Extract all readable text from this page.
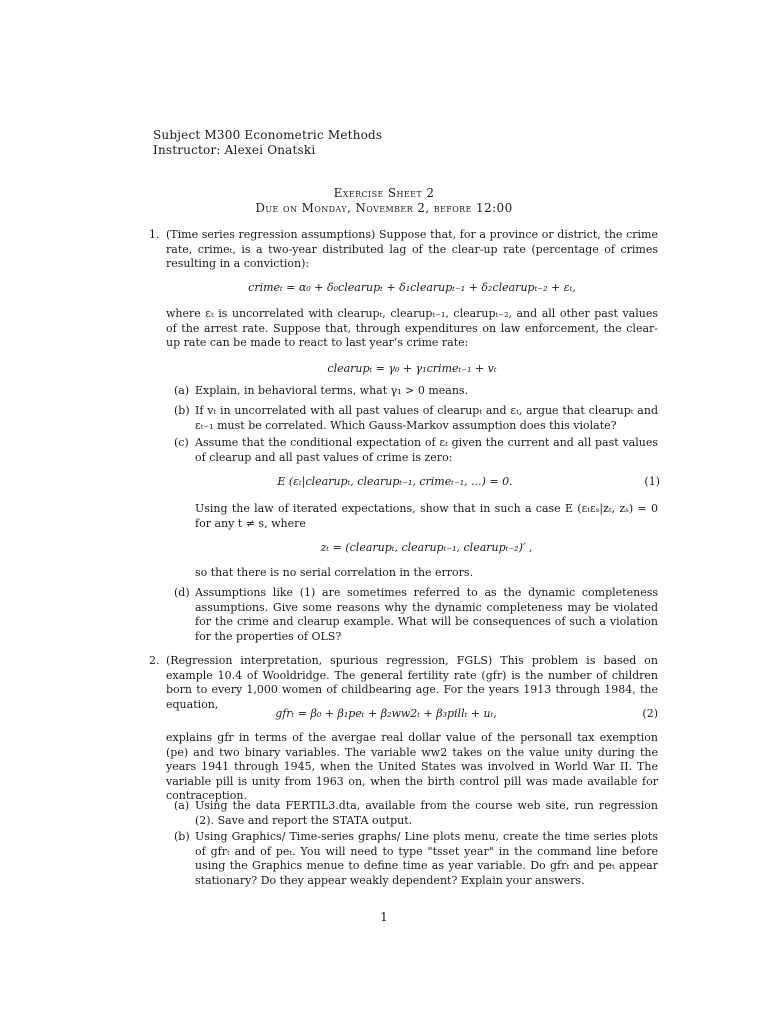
Subject M300 Econometric Methods
Instructor: Alexei Onatski
Exercise Sheet 2
Due on Monday, November 2, before 12:00
1. (Time series regression assumptions) Suppose that, for a province or district, the crime rate, crimeₜ, is a two-year distributed lag of the clear-up rate (percentage of crimes resulting in a conviction):
crimeₜ = α₀ + δ₀clearupₜ + δ₁clearupₜ₋₁ + δ₂clearupₜ₋₂ + εₜ,
where εₜ is uncorrelated with clearupₜ, clearupₜ₋₁, clearupₜ₋₂, and all other past values of the arrest rate. Suppose that, through expenditures on law enforcement, the clear-up rate can be made to react to last year’s crime rate:
clearupₜ = γ₀ + γ₁crimeₜ₋₁ + vₜ
(a) Explain, in behavioral terms, what γ₁ > 0 means.
(b) If vₜ in uncorrelated with all past values of clearupₜ and εₜ, argue that clearupₜ and εₜ₋₁ must be correlated. Which Gauss-Markov assumption does this violate?
(c) Assume that the conditional expectation of εₜ given the current and all past values of clearup and all past values of crime is zero:
E (εₜ|clearupₜ, clearupₜ₋₁, crimeₜ₋₁, ...) = 0.	(1)
Using the law of iterated expectations, show that in such a case E (εₜεₛ|zₜ, zₛ) = 0 for any t ≠ s, where
zₜ = (clearupₜ, clearupₜ₋₁, clearupₜ₋₂)′ ,
so that there is no serial correlation in the errors.
(d) Assumptions like (1) are sometimes referred to as the dynamic completeness assumptions. Give some reasons why the dynamic completeness may be violated for the crime and clearup example. What will be consequences of such a violation for the properties of OLS?
2. (Regression interpretation, spurious regression, FGLS) This problem is based on example 10.4 of Wooldridge. The general fertility rate (gfr) is the number of children born to every 1,000 women of childbearing age. For the years 1913 through 1984, the equation,
gfrₜ = β₀ + β₁peₜ + β₂ww2ₜ + β₃pillₜ + uₜ,	(2)
explains gfr in terms of the avergae real dollar value of the personall tax exemption (pe) and two binary variables. The variable ww2 takes on the value unity during the years 1941 through 1945, when the United States was involved in World War II. The variable pill is unity from 1963 on, when the birth control pill was made available for contraception.
(a) Using the data FERTIL3.dta, available from the course web site, run regression (2). Save and report the STATA output.
(b) Using Graphics/ Time-series graphs/ Line plots menu, create the time series plots of gfrₜ and of peₜ. You will need to type "tsset year" in the command line before using the Graphics menue to define time as year variable. Do gfrₜ and peₜ appear stationary? Do they appear weakly dependent? Explain your answers.
1
